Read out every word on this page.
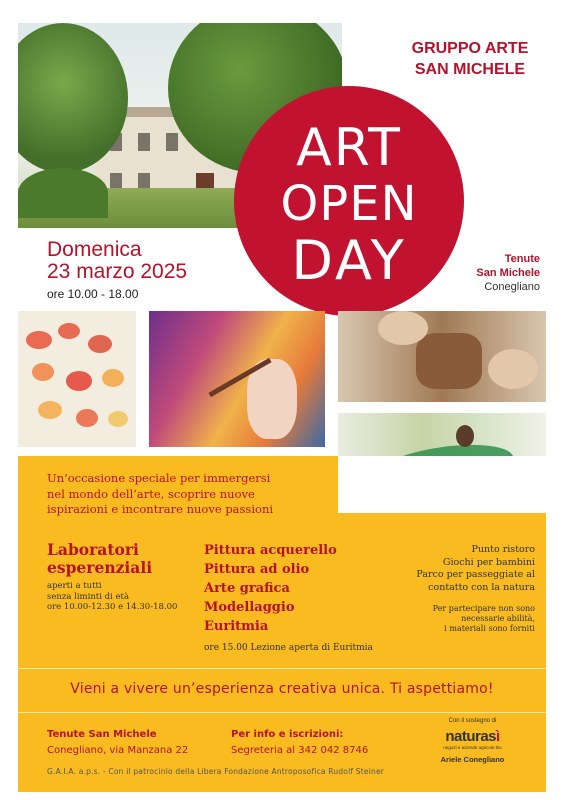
GRUPPO ARTE
SAN MICHELE
ART
OPEN
DAY
Domenica
23 marzo 2025
ore 10.00 - 18.00
Tenute
San Michele
Conegliano
Un’occasione speciale per immergersi
nel mondo dell’arte, scoprire nuove
ispirazioni e incontrare nuove passioni
Laboratori
esperenziali
aperti a tutti
senza liminti di età
ore 10.00-12.30 e 14.30-18.00
Pittura acquerello
Pittura ad olio
Arte grafica
Modellaggio
Euritmia
ore 15.00 Lezione aperta di Euritmia
Punto ristoro
Giochi per bambini
Parco per passeggiate al
contatto con la natura
Per partecipare non sono
necessarie abilità,
i materiali sono forniti
Vieni a vivere un’esperienza creativa unica. Ti aspettiamo!
Tenute San Michele
Conegliano, via Manzana 22
Per info e iscrizioni:
Segreteria al 342 042 8746
Con il sostegno di
naturasì
negozi e aziende agricole bio
Ariele Conegliano
G.A.I.A. a.p.s. - Con il patrocinio della Libera Fondazione Antroposofica Rudolf Steiner
